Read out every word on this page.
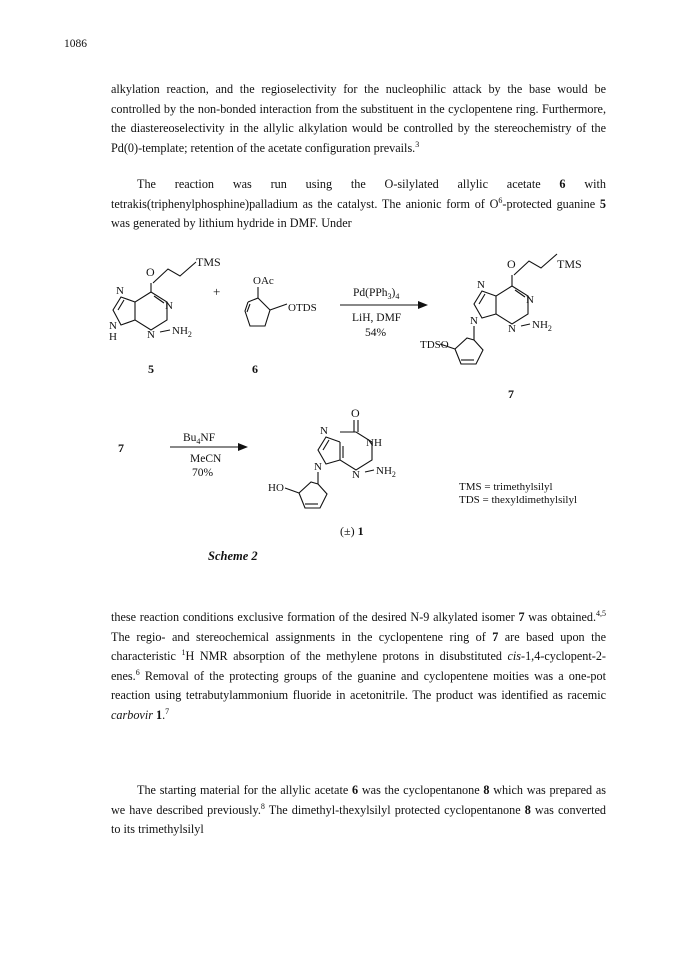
1086

alkylation reaction, and the regioselectivity for the nucleophilic attack by the base would be controlled by the non-bonded interaction from the substituent in the cyclopentene ring. Furthermore, the diastereoselectivity in the allylic alkylation would be controlled by the stereochemistry of the Pd(0)-template; retention of the acetate configuration prevails.$^3$

The reaction was run using the O-silylated allylic acetate 6 with tetrakis(triphenylphosphine)palladium as the catalyst. The anionic form of $O^6$-protected guanine 5 was generated by lithium hydride in DMF. Under

O
TMS
N
N
N
H	N $NH_2$
5
+
OAc
OTDS
6
$Pd(PPh_3)_4$
LiH, DMF
54%
O	TMS
N
N
N
N $NH_2$
TDSO
7
7
$Bu_4NF$
MeCN
70%
O
N
NH
N
N $NH_2$
HO
(±) 1
TMS = trimethylsilyl
TDS = thexyldimethylsilyl
Scheme 2

these reaction conditions exclusive formation of the desired N-9 alkylated isomer 7 was obtained.$^{4,5}$ The regio- and stereochemical assignments in the cyclopentene ring of 7 are based upon the characteristic $^1$H NMR absorption of the methylene protons in disubstituted cis-1,4-cyclopent-2-enes.$^6$ Removal of the protecting groups of the guanine and cyclopentene moities was a one-pot reaction using tetrabutylammonium fluoride in acetonitrile. The product was identified as racemic carbovir 1.$^7$

The starting material for the allylic acetate 6 was the cyclopentanone 8 which was prepared as we have described previously.$^8$ The dimethyl-thexylsilyl protected cyclopentanone 8 was converted to its trimethylsilyl
